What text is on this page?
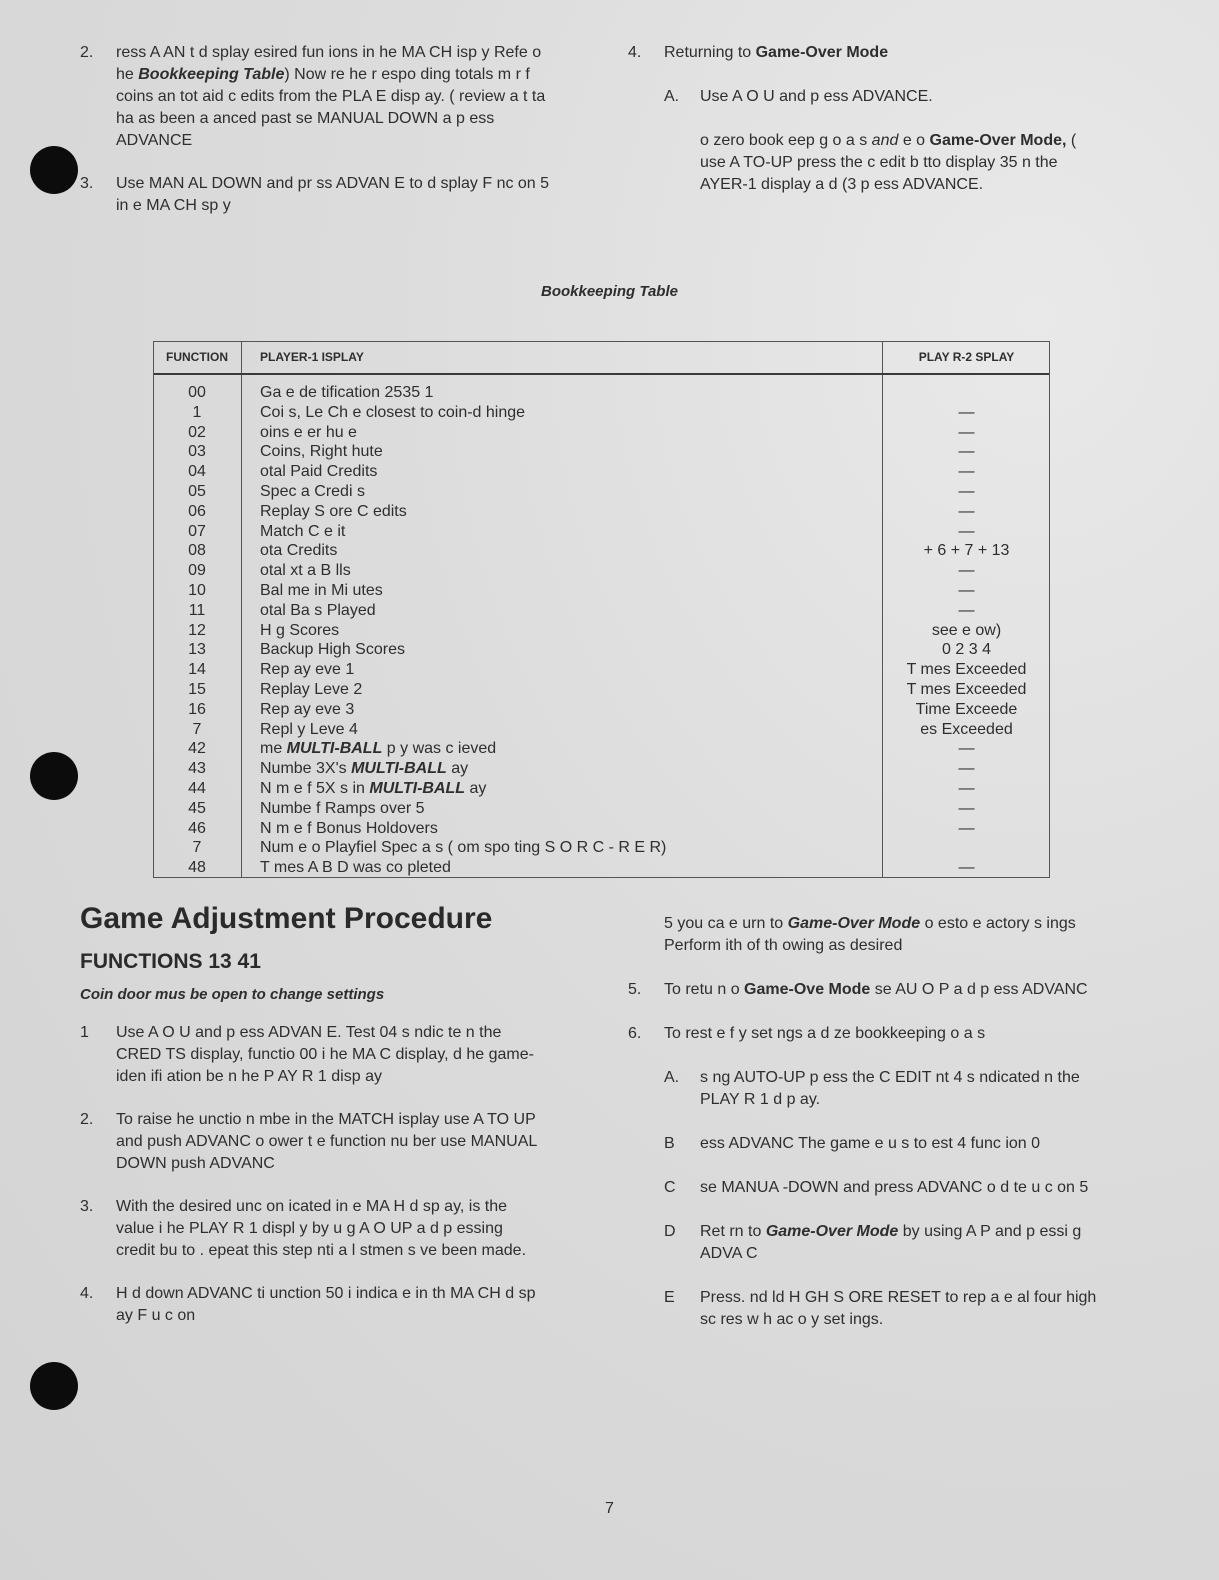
2. ress A AN t d splay esired fun ions in he MA CH isp y Refe o he Bookkeeping Table) Now re he r espo ding totals m r f coins an tot aid c edits from the PLA E disp ay. ( review a t ta ha as been a anced past se MANUAL DOWN a p ess ADVANCE
3. Use MAN AL DOWN and pr ss ADVAN E to d splay F nc on 5 in e MA CH sp y
4. Returning to Game-Over Mode
A. Use A O U and p ess ADVANCE.
o zero book eep g o a s and e o Game-Over Mode, ( use A TO-UP press the c edit b tto display 35 n the AYER-1 display a d (3 p ess ADVANCE.
Bookkeeping Table
FUNCTION	PLAYER-1 ISPLAY	PLAY R-2 SPLAY
00	Ga e de tification 2535 1	
1	Coi s, Le Ch e closest to coin-d hinge	—
02	oins e er hu e	—
03	Coins, Right hute	—
04	otal Paid Credits	—
05	Spec a Credi s	—
06	Replay S ore C edits	—
07	Match C e it	—
08	ota Credits	+ 6 + 7 + 13
09	otal xt a B lls	—
10	Bal me in Mi utes	—
11	otal Ba s Played	—
12	H g Scores	see e ow)
13	Backup High Scores	0 2 3 4
14	Rep ay eve 1	T mes Exceeded
15	Replay Leve 2	T mes Exceeded
16	Rep ay eve 3	Time Exceede
7	Repl y Leve 4	es Exceeded
42	me MULTI-BALL p y was c ieved	—
43	Numbe 3X's MULTI-BALL ay	—
44	N m e f 5X s in MULTI-BALL ay	—
45	Numbe f Ramps over 5	—
46	N m e f Bonus Holdovers	—
7	Num e o Playfiel Spec a s ( om spo ting S O R C - R E R)	
48	T mes A B D was co pleted	—
Game Adjustment Procedure
FUNCTIONS 13 41
Coin door mus be open to change settings
1 Use A O U and p ess ADVAN E. Test 04 s ndic te n the CRED TS display, functio 00 i he MA C display, d he game-iden ifi ation be n he P AY R 1 disp ay
2. To raise he unctio n mbe in the MATCH isplay use A TO UP and push ADVANC o ower t e function nu ber use MANUAL DOWN push ADVANC
3. With the desired unc on icated in e MA H d sp ay, is the value i he PLAY R 1 displ y by u g A O UP a d p essing credit bu to . epeat this step nti a l stmen s ve been made.
4. H d down ADVANC ti unction 50 i indica e in th MA CH d sp ay F u c on
5 you ca e urn to Game-Over Mode o esto e actory s ings Perform ith of th owing as desired
5. To retu n o Game-Ove Mode se AU O P a d p ess ADVANC
6. To rest e f y set ngs a d ze bookkeeping o a s
A. s ng AUTO-UP p ess the C EDIT nt 4 s ndicated n the PLAY R 1 d p ay.
B ess ADVANC The game e u s to est 4 func ion 0
C se MANUA -DOWN and press ADVANC o d te u c on 5
D Ret rn to Game-Over Mode by using A P and p essi g ADVA C
E Press. nd ld H GH S ORE RESET to rep a e al four high sc res w h ac o y set ings.
7
